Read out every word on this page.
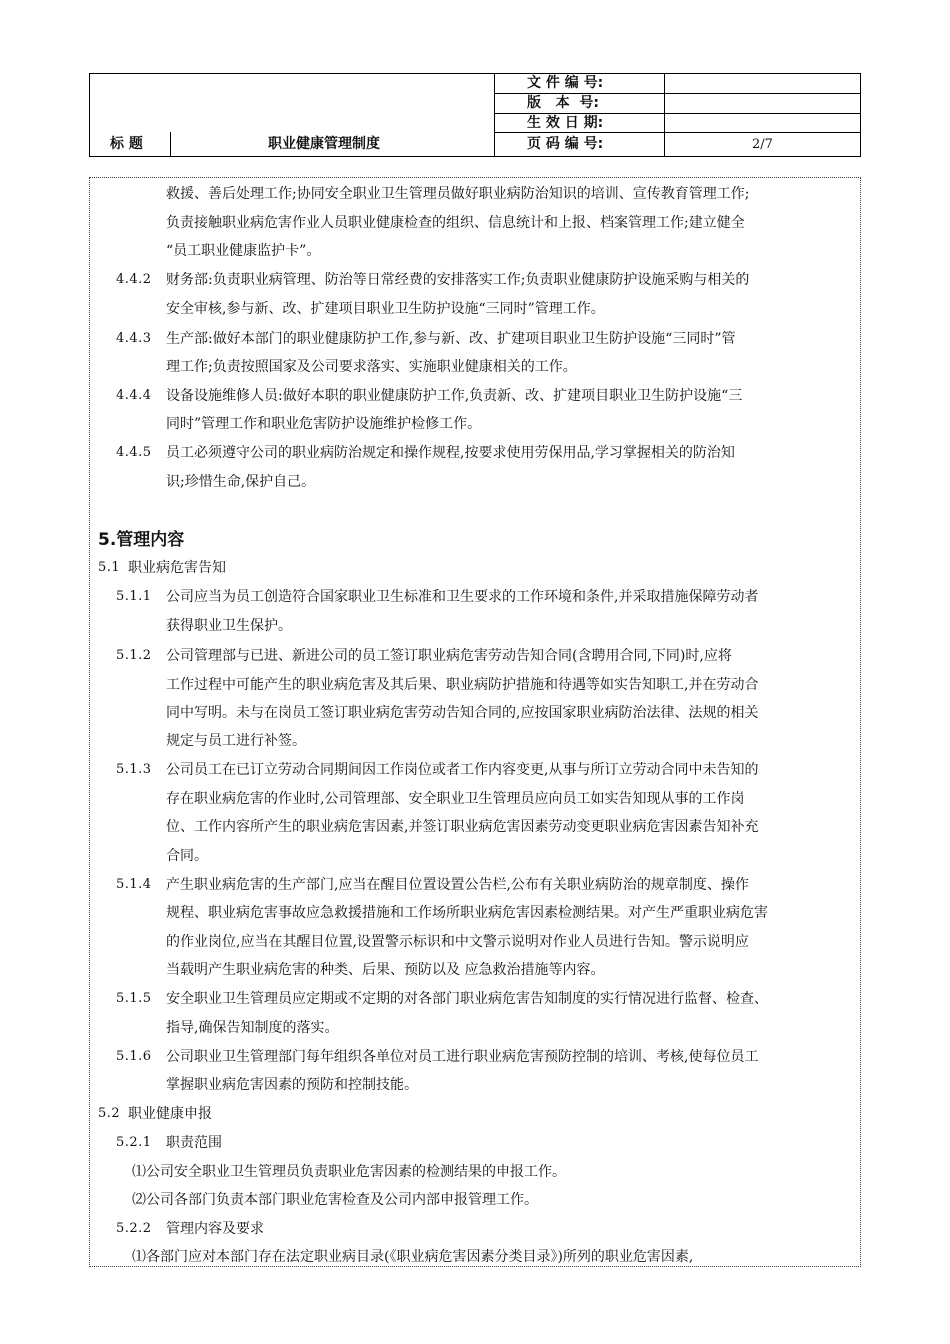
标 题	职业健康管理制度
文 件 编 号:
版   本  号:
生 效 日 期:
页 码 编 号:	2/7
救援、善后处理工作;协同安全职业卫生管理员做好职业病防治知识的培训、宣传教育管理工作;
负责接触职业病危害作业人员职业健康检查的组织、信息统计和上报、档案管理工作;建立健全
“员工职业健康监护卡”。
4.4.2 财务部:负责职业病管理、防治等日常经费的安排落实工作;负责职业健康防护设施采购与相关的
安全审核,参与新、改、扩建项目职业卫生防护设施“三同时”管理工作。
4.4.3 生产部:做好本部门的职业健康防护工作,参与新、改、扩建项目职业卫生防护设施“三同时”管
理工作;负责按照国家及公司要求落实、实施职业健康相关的工作。
4.4.4 设备设施维修人员:做好本职的职业健康防护工作,负责新、改、扩建项目职业卫生防护设施“三
同时”管理工作和职业危害防护设施维护检修工作。
4.4.5 员工必须遵守公司的职业病防治规定和操作规程,按要求使用劳保用品,学习掌握相关的防治知
识;珍惜生命,保护自己。
5.管理内容
5.1 职业病危害告知
5.1.1 公司应当为员工创造符合国家职业卫生标准和卫生要求的工作环境和条件,并采取措施保障劳动者
获得职业卫生保护。
5.1.2 公司管理部与已进、新进公司的员工签订职业病危害劳动告知合同(含聘用合同,下同)时,应将
工作过程中可能产生的职业病危害及其后果、职业病防护措施和待遇等如实告知职工,并在劳动合
同中写明。未与在岗员工签订职业病危害劳动告知合同的,应按国家职业病防治法律、法规的相关
规定与员工进行补签。
5.1.3 公司员工在已订立劳动合同期间因工作岗位或者工作内容变更,从事与所订立劳动合同中未告知的
存在职业病危害的作业时,公司管理部、安全职业卫生管理员应向员工如实告知现从事的工作岗
位、工作内容所产生的职业病危害因素,并签订职业病危害因素劳动变更职业病危害因素告知补充
合同。
5.1.4 产生职业病危害的生产部门,应当在醒目位置设置公告栏,公布有关职业病防治的规章制度、操作
规程、职业病危害事故应急救援措施和工作场所职业病危害因素检测结果。对产生严重职业病危害
的作业岗位,应当在其醒目位置,设置警示标识和中文警示说明对作业人员进行告知。警示说明应
当载明产生职业病危害的种类、后果、预防以及 应急救治措施等内容。
5.1.5 安全职业卫生管理员应定期或不定期的对各部门职业病危害告知制度的实行情况进行监督、检查、
指导,确保告知制度的落实。
5.1.6 公司职业卫生管理部门每年组织各单位对员工进行职业病危害预防控制的培训、考核,使每位员工
掌握职业病危害因素的预防和控制技能。
5.2 职业健康申报
5.2.1 职责范围
⑴公司安全职业卫生管理员负责职业危害因素的检测结果的申报工作。
⑵公司各部门负责本部门职业危害检查及公司内部申报管理工作。
5.2.2 管理内容及要求
⑴各部门应对本部门存在法定职业病目录(《职业病危害因素分类目录》)所列的职业危害因素,
